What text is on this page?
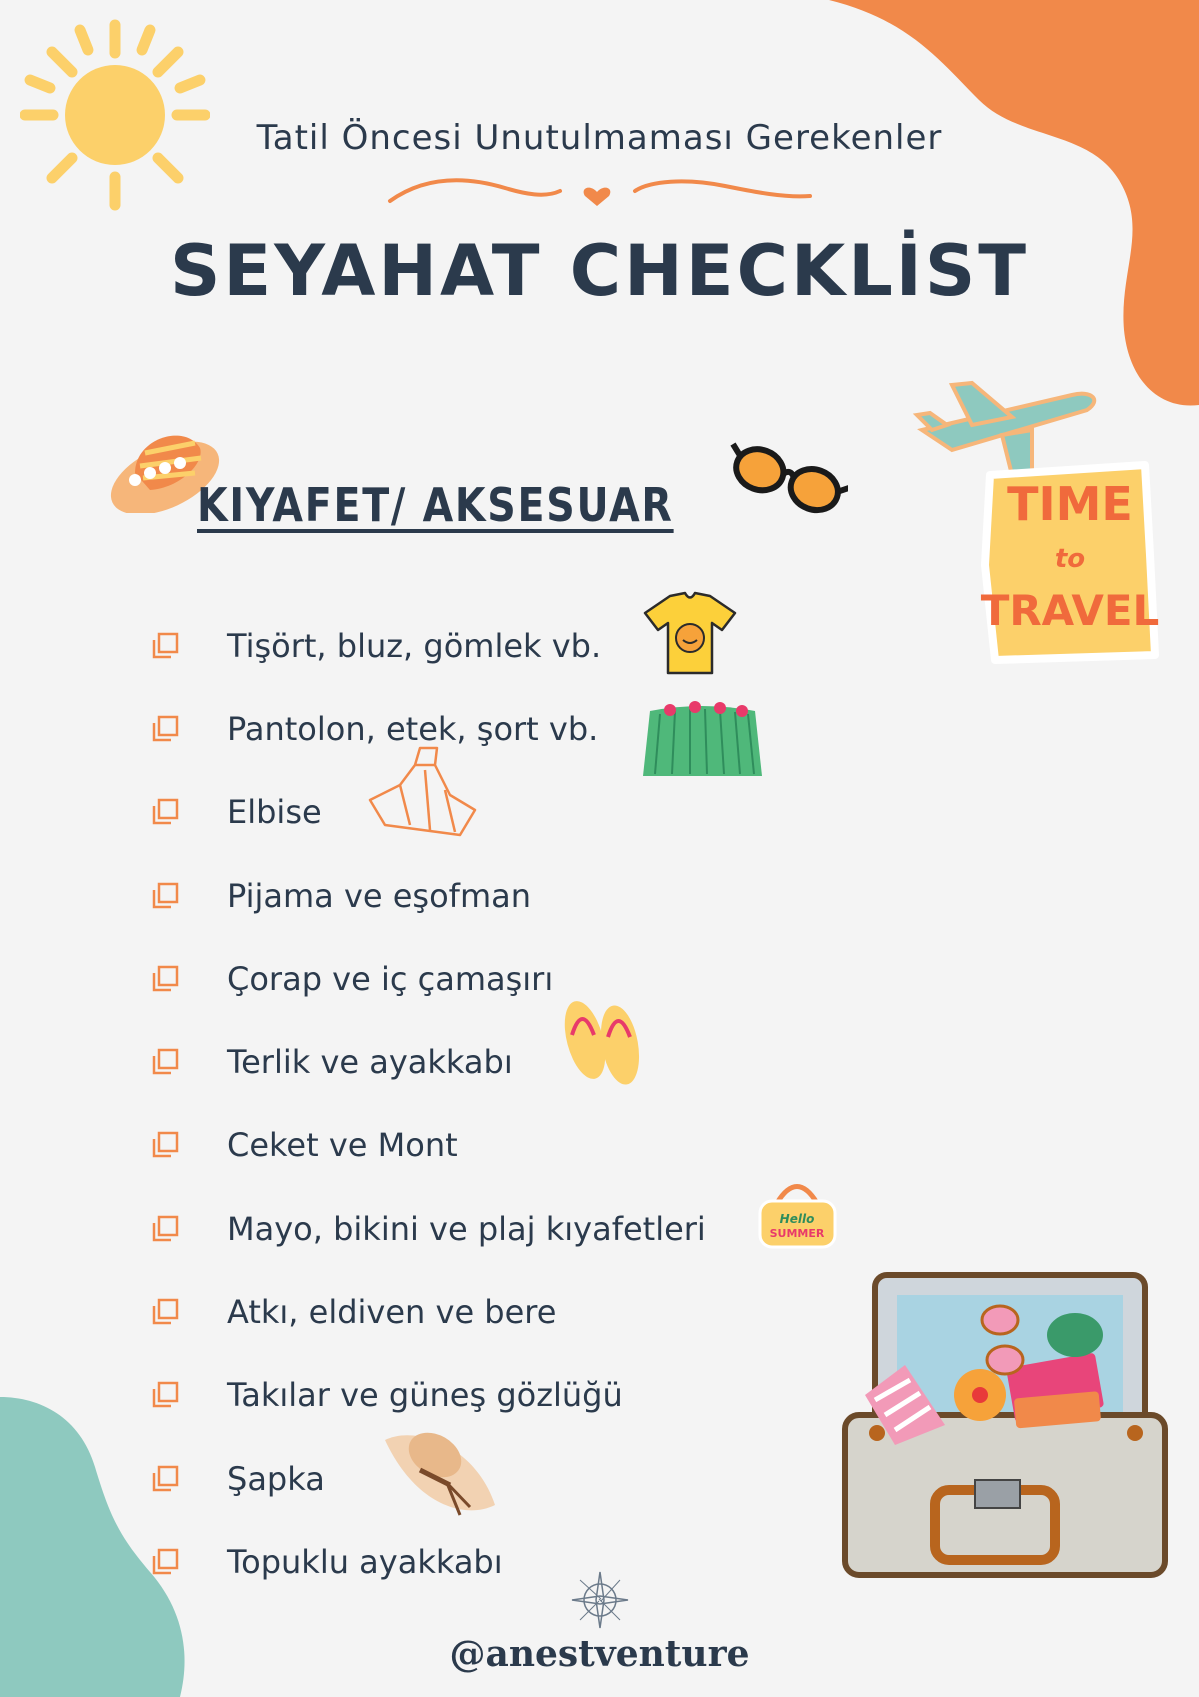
Tatil Öncesi Unutulmaması Gerekenler
SEYAHAT CHECKLİST
KIYAFET/ AKSESUAR	TIME
to
TRAVEL
Tişört, bluz, gömlek vb.
Pantolon, etek, şort vb.
Elbise
Pijama ve eşofman
Çorap ve iç çamaşırı
Terlik ve ayakkabı
Ceket ve Mont
Mayo, bikini ve plaj kıyafetleri
Atkı, eldiven ve bere
Takılar ve güneş gözlüğü
Şapka
Topuklu ayakkabı
Hello
SUMMER
@anestventure
